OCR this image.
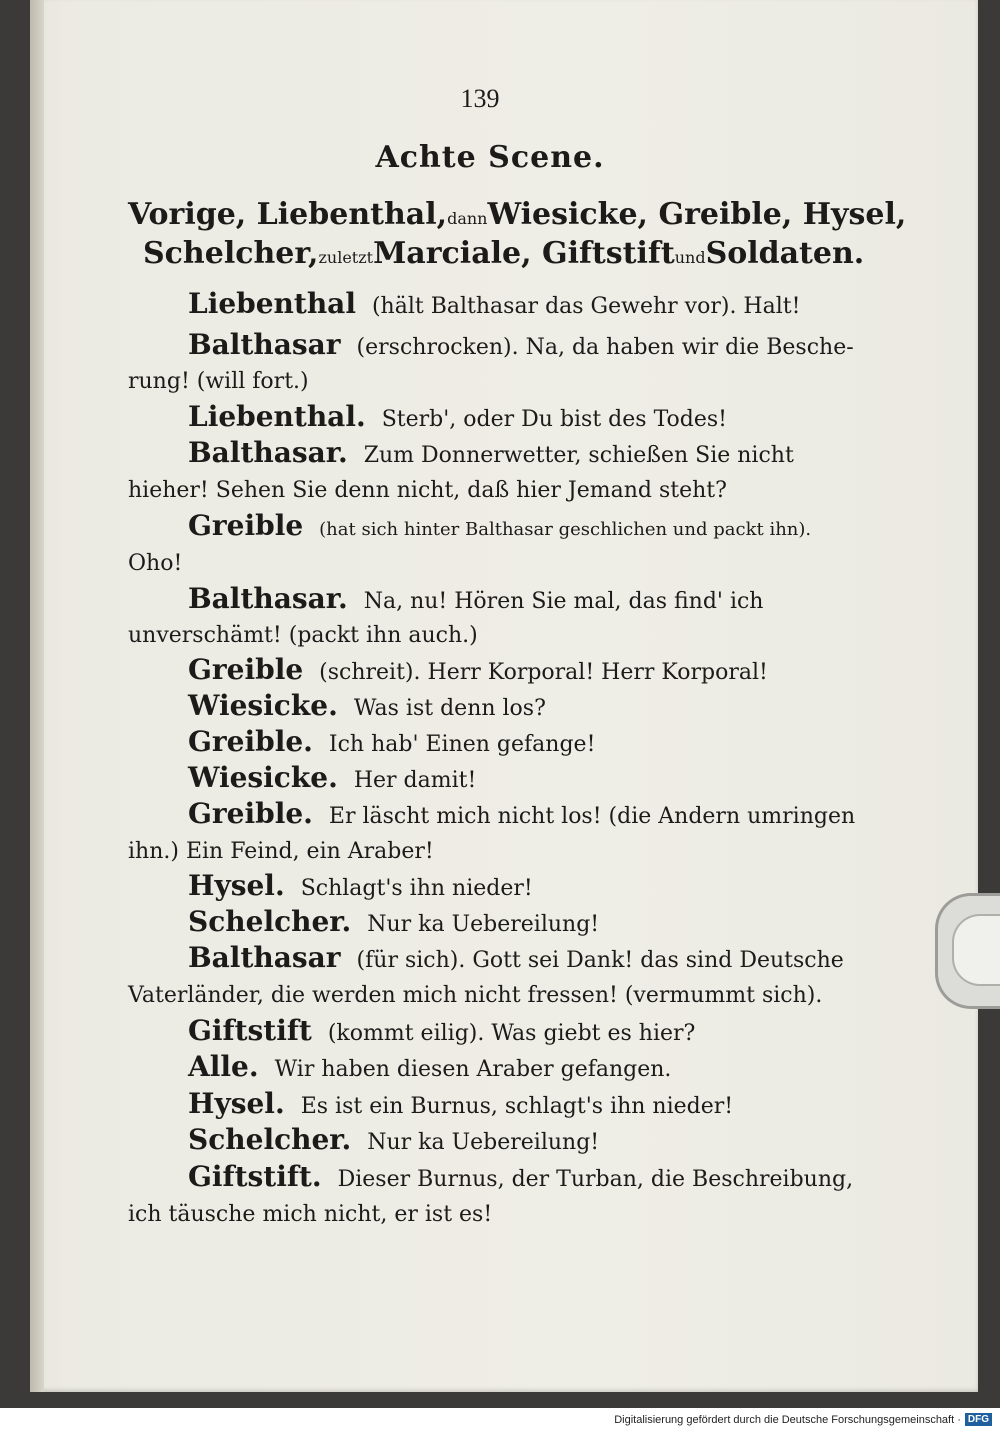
139
Achte Scene.
Vorige, Liebenthal, dann Wiesicke, Greible, Hysel,
Schelcher, zuletzt Marciale, Giftstift und Soldaten.
Liebenthal (hält Balthasar das Gewehr vor). Halt!
Balthasar (erschrocken). Na, da haben wir die Besche-
rung! (will fort.)
Liebenthal. Sterb', oder Du bist des Todes!
Balthasar. Zum Donnerwetter, schießen Sie nicht
hieher! Sehen Sie denn nicht, daß hier Jemand steht?
Greible (hat sich hinter Balthasar geschlichen und packt ihn).
Oho!
Balthasar. Na, nu! Hören Sie mal, das find' ich
unverschämt! (packt ihn auch.)
Greible (schreit). Herr Korporal! Herr Korporal!
Wiesicke. Was ist denn los?
Greible. Ich hab' Einen gefange!
Wiesicke. Her damit!
Greible. Er läscht mich nicht los! (die Andern umringen
ihn.) Ein Feind, ein Araber!
Hysel. Schlagt's ihn nieder!
Schelcher. Nur ka Uebereilung!
Balthasar (für sich). Gott sei Dank! das sind Deutsche
Vaterländer, die werden mich nicht fressen! (vermummt sich).
Giftstift (kommt eilig). Was giebt es hier?
Alle. Wir haben diesen Araber gefangen.
Hysel. Es ist ein Burnus, schlagt's ihn nieder!
Schelcher. Nur ka Uebereilung!
Giftstift. Dieser Burnus, der Turban, die Beschreibung,
ich täusche mich nicht, er ist es!
Digitalisierung gefördert durch die Deutsche Forschungsgemeinschaft · DFG
